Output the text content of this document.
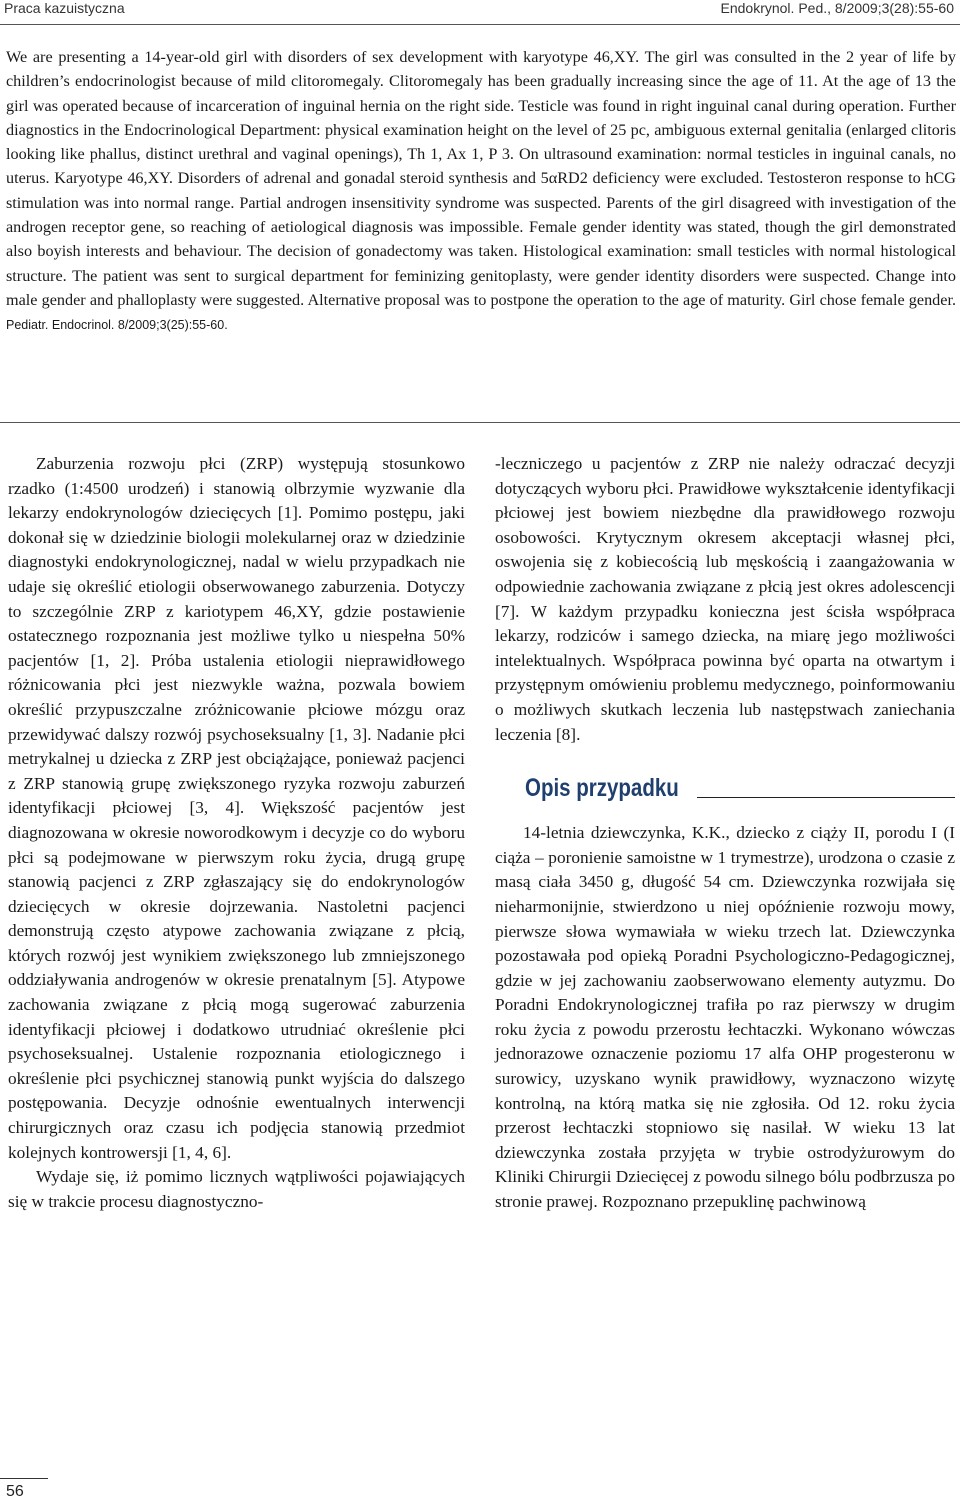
Praca kazuistyczna	Endokrynol. Ped., 8/2009;3(28):55-60

We are presenting a 14-year-old girl with disorders of sex development with karyotype 46,XY. The girl was consulted in the 2 year of life by children’s endocrinologist because of mild clitoromegaly. Clitoromegaly has been gradually increasing since the age of 11. At the age of 13 the girl was operated because of incarceration of inguinal hernia on the right side. Testicle was found in right inguinal canal during operation. Further diagnostics in the Endocrinological Department: physical examination height on the level of 25 pc, ambiguous external genitalia (enlarged clitoris looking like phallus, distinct urethral and vaginal openings), Th 1, Ax 1, P 3. On ultrasound examination: normal testicles in inguinal canals, no uterus. Karyotype 46,XY. Disorders of adrenal and gonadal steroid synthesis and 5αRD2 deficiency were excluded. Testosteron response to hCG stimulation was into normal range. Partial androgen insensitivity syndrome was suspected. Parents of the girl disagreed with investigation of the androgen receptor gene, so reaching of aetiological diagnosis was impossible. Female gender identity was stated, though the girl demonstrated also boyish interests and behaviour. The decision of gonadectomy was taken. Histological examination: small testicles with normal histological structure. The patient was sent to surgical department for feminizing genitoplasty, were gender identity disorders were suspected. Change into male gender and phalloplasty were suggested. Alternative proposal was to postpone the operation to the age of maturity. Girl chose female gender. Pediatr. Endocrinol. 8/2009;3(25):55-60.

Zaburzenia rozwoju płci (ZRP) występują stosunkowo rzadko (1:4500 urodzeń) i stanowią olbrzymie wyzwanie dla lekarzy endokrynologów dziecięcych [1]. Pomimo postępu, jaki dokonał się w dziedzinie biologii molekularnej oraz w dziedzinie diagnostyki endokrynologicznej, nadal w wielu przypadkach nie udaje się określić etiologii obserwowanego zaburzenia. Dotyczy to szczególnie ZRP z kariotypem 46,XY, gdzie postawienie ostatecznego rozpoznania jest możliwe tylko u niespełna 50% pacjentów [1, 2]. Próba ustalenia etiologii nieprawidłowego różnicowania płci jest niezwykle ważna, pozwala bowiem określić przypuszczalne zróżnicowanie płciowe mózgu oraz przewidywać dalszy rozwój psychoseksualny [1, 3]. Nadanie płci metrykalnej u dziecka z ZRP jest obciążające, ponieważ pacjenci z ZRP stanowią grupę zwiększonego ryzyka rozwoju zaburzeń identyfikacji płciowej [3, 4]. Większość pacjentów jest diagnozowana w okresie noworodkowym i decyzje co do wyboru płci są podejmowane w pierwszym roku życia, drugą grupę stanowią pacjenci z ZRP zgłaszający się do endokrynologów dziecięcych w okresie dojrzewania. Nastoletni pacjenci demonstrują często atypowe zachowania związane z płcią, których rozwój jest wynikiem zwiększonego lub zmniejszonego oddziaływania androgenów w okresie prenatalnym [5]. Atypowe zachowania związane z płcią mogą sugerować zaburzenia identyfikacji płciowej i dodatkowo utrudniać określenie płci psychoseksualnej. Ustalenie rozpoznania etiologicznego i określenie płci psychicznej stanowią punkt wyjścia do dalszego postępowania. Decyzje odnośnie ewentualnych interwencji chirurgicznych oraz czasu ich podjęcia stanowią przedmiot kolejnych kontrowersji [1, 4, 6].

Wydaje się, iż pomimo licznych wątpliwości pojawiających się w trakcie procesu diagnostyczno-

-leczniczego u pacjentów z ZRP nie należy odraczać decyzji dotyczących wyboru płci. Prawidłowe wykształcenie identyfikacji płciowej jest bowiem niezbędne dla prawidłowego rozwoju osobowości. Krytycznym okresem akceptacji własnej płci, oswojenia się z kobiecością lub męskością i zaangażowania w odpowiednie zachowania związane z płcią jest okres adolescencji [7]. W każdym przypadku konieczna jest ścisła współpraca lekarzy, rodziców i samego dziecka, na miarę jego możliwości intelektualnych. Współpraca powinna być oparta na otwartym i przystępnym omówieniu problemu medycznego, poinformowaniu o możliwych skutkach leczenia lub następstwach zaniechania leczenia [8].

Opis przypadku

14-letnia dziewczynka, K.K., dziecko z ciąży II, porodu I (I ciąża – poronienie samoistne w 1 trymestrze), urodzona o czasie z masą ciała 3450 g, długość 54 cm. Dziewczynka rozwijała się nieharmonijnie, stwierdzono u niej opóźnienie rozwoju mowy, pierwsze słowa wymawiała w wieku trzech lat. Dziewczynka pozostawała pod opieką Poradni Psychologiczno-Pedagogicznej, gdzie w jej zachowaniu zaobserwowano elementy autyzmu. Do Poradni Endokrynologicznej trafiła po raz pierwszy w drugim roku życia z powodu przerostu łechtaczki. Wykonano wówczas jednorazowe oznaczenie poziomu 17 alfa OHP progesteronu w surowicy, uzyskano wynik prawidłowy, wyznaczono wizytę kontrolną, na którą matka się nie zgłosiła. Od 12. roku życia przerost łechtaczki stopniowo się nasilał. W wieku 13 lat dziewczynka została przyjęta w trybie ostrodyżurowym do Kliniki Chirurgii Dziecięcej z powodu silnego bólu podbrzusza po stronie prawej. Rozpoznano przepuklinę pachwinową

56
